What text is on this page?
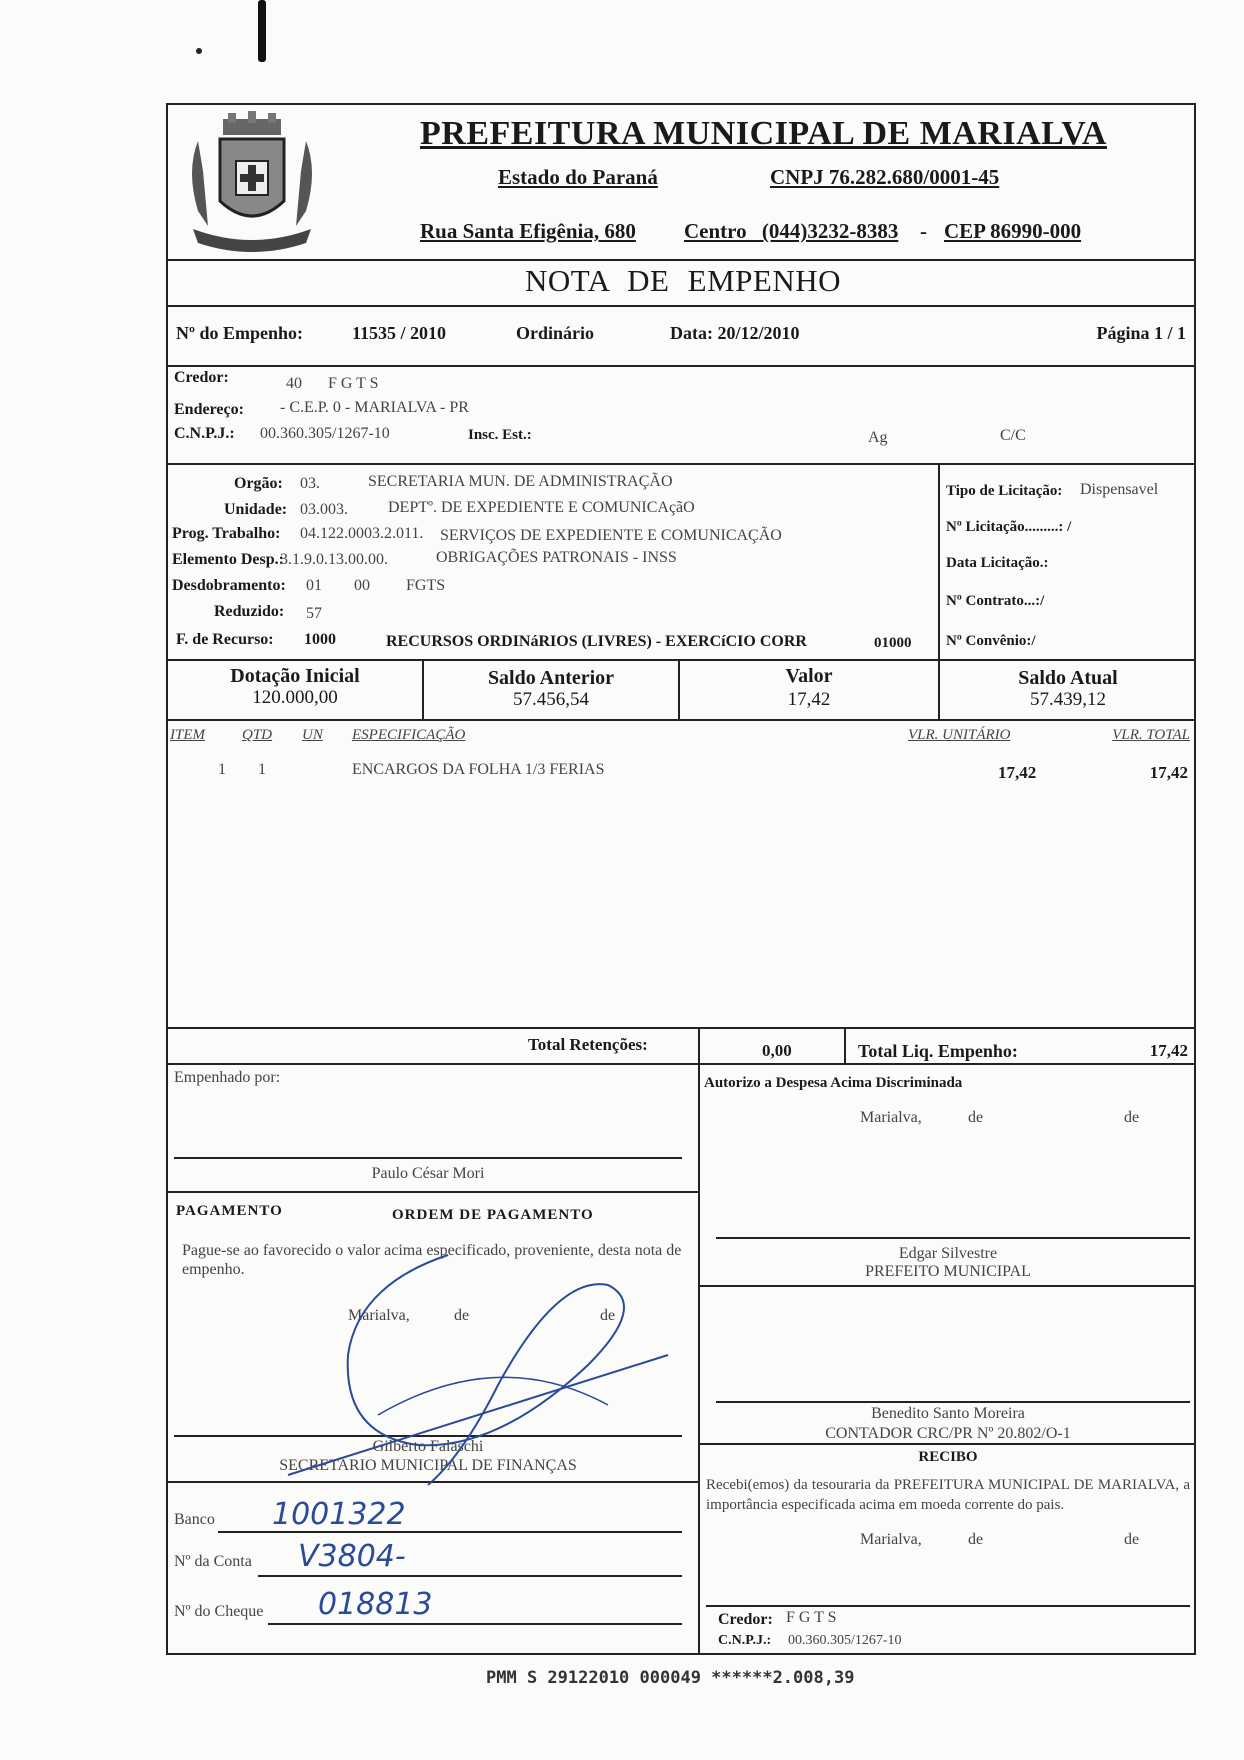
PREFEITURA MUNICIPAL DE MARIALVA
Estado do Paraná	CNPJ 76.282.680/0001-45
Rua Santa Efigênia, 680 Centro (044)3232-8383 - CEP 86990-000
NOTA DE EMPENHO
Nº do Empenho:	11535 / 2010	Ordinário	Data: 20/12/2010	Página 1 / 1
Credor:	40 F G T S
Endereço: - C.E.P. 0 - MARIALVA - PR
C.N.P.J.: 00.360.305/1267-10	Insc. Est.:	Ag	C/C
Orgão: 03.	SECRETARIA MUN. DE ADMINISTRAÇÃO
Unidade: 03.003.	DEPTº. DE EXPEDIENTE E COMUNICAçãO
Prog. Trabalho: 04.122.0003.2.011. SERVIÇOS DE EXPEDIENTE E COMUNICAÇÃO
Elemento Desp.:
3.1.9.0.13.00.00.	OBRIGAÇÕES PATRONAIS - INSS
Desdobramento: 01 00 FGTS
Reduzido: 57
F. de Recurso: 1000	RECURSOS ORDINáRIOS (LIVRES) - EXERCíCIO CORR	01000
Tipo de Licitação: Dispensavel
Nº Licitação.........: /
Data Licitação.:
Nº Contrato...:/
Nº Convênio:/
Dotação Inicial
120.000,00
Saldo Anterior
57.456,54
Valor
17,42
Saldo Atual
57.439,12
ITEM QTD UN ESPECIFICAÇÃO	VLR. UNITÁRIO	VLR. TOTAL
1 1	ENCARGOS DA FOLHA 1/3 FERIAS	17,42	17,42
Total Retenções:	0,00	Total Liq. Empenho:	17,42
Empenhado por:
Paulo César Mori
PAGAMENTO	ORDEM DE PAGAMENTO
Pague-se ao favorecido o valor acima especificado, proveniente, desta nota de empenho.
Marialva,	de	de
Gilberto Falaschi
SECRETARIO MUNICIPAL DE FINANÇAS
Banco 1001322
Nº da Conta V3804-
Nº do Cheque 018813
Autorizo a Despesa Acima Discriminada
Marialva,	de	de
Edgar Silvestre
PREFEITO MUNICIPAL
Benedito Santo Moreira
CONTADOR CRC/PR Nº 20.802/O-1
RECIBO
Recebi(emos) da tesouraria da PREFEITURA MUNICIPAL DE MARIALVA, a importância especificada acima em moeda corrente do pais.
Marialva,	de	de
Credor: F G T S
C.N.P.J.: 00.360.305/1267-10
PMM S 29122010 000049 ******2.008,39
